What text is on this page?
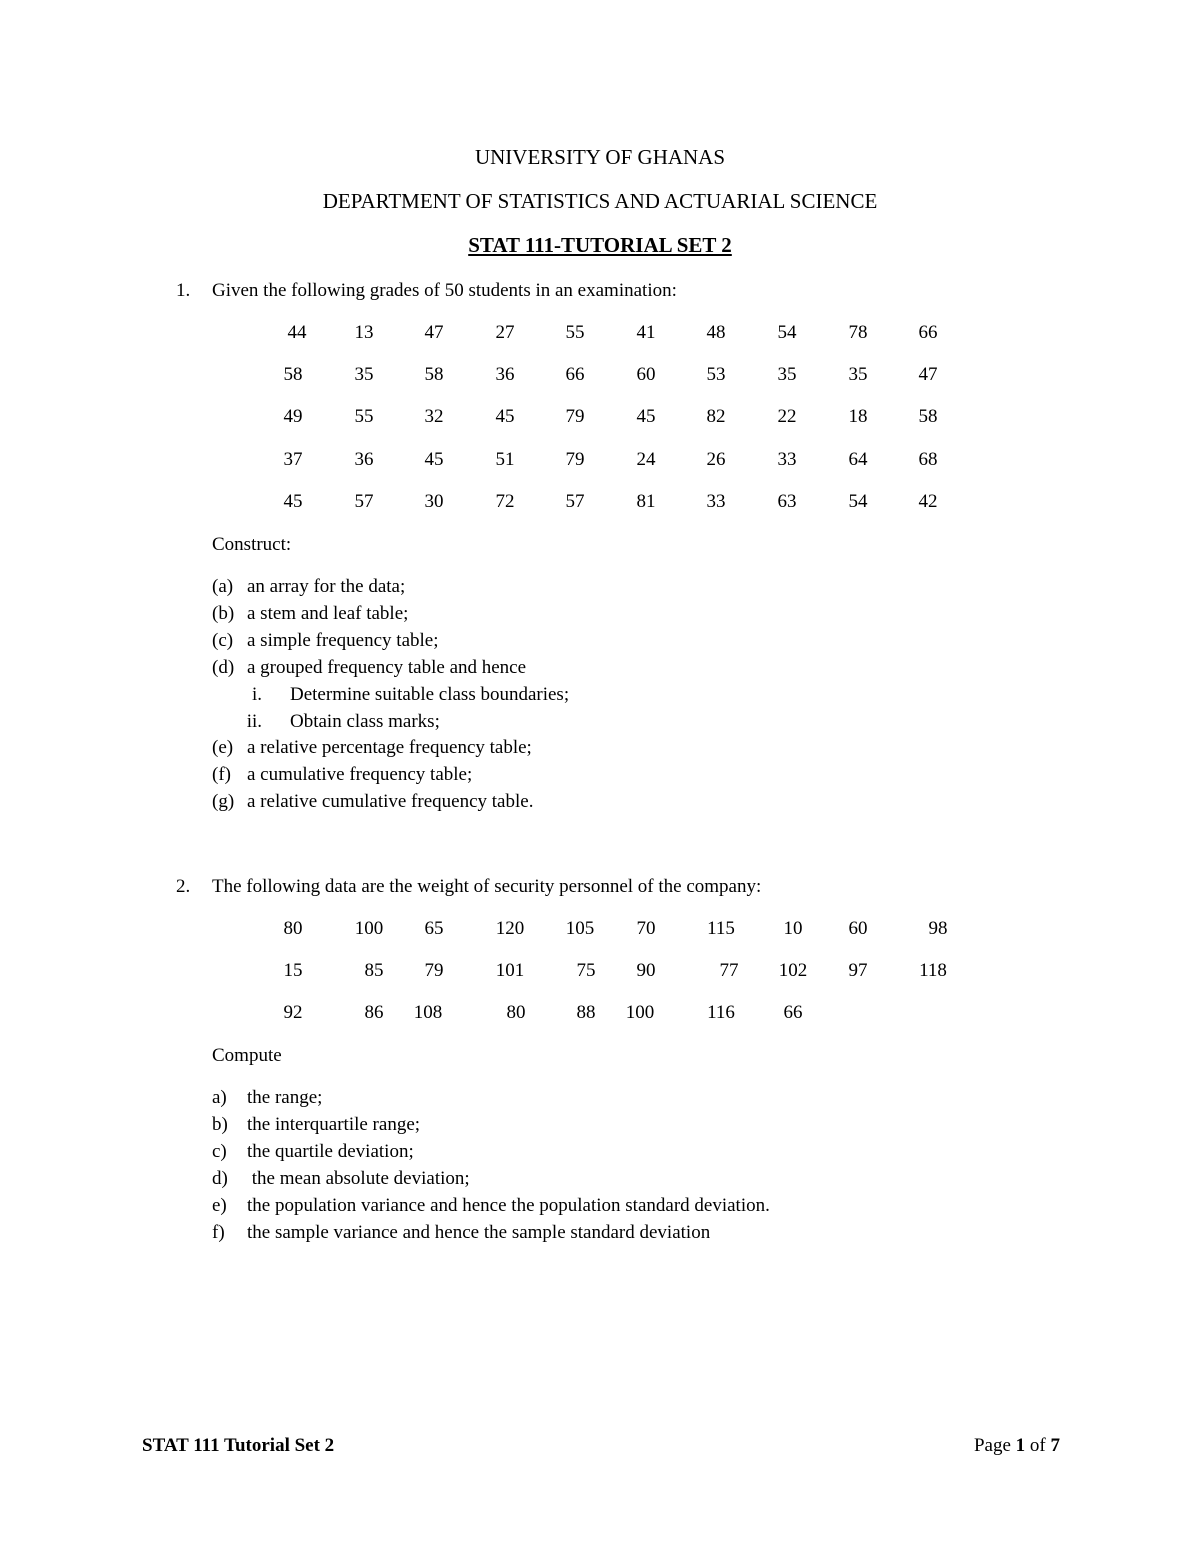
UNIVERSITY OF GHANAS
DEPARTMENT OF STATISTICS AND ACTUARIAL SCIENCE
STAT 111-TUTORIAL SET 2
1. Given the following grades of 50 students in an examination:
44	13	47	27	55	41	48	54	78	66
58	35	58	36	66	60	53	35	35	47
49	55	32	45	79	45	82	22	18	58
37	36	45	51	79	24	26	33	64	68
45	57	30	72	57	81	33	63	54	42
Construct:
(a) an array for the data;
(b) a stem and leaf table;
(c) a simple frequency table;
(d) a grouped frequency table and hence
i. Determine suitable class boundaries;
ii. Obtain class marks;
(e) a relative percentage frequency table;
(f) a cumulative frequency table;
(g) a relative cumulative frequency table.
2. The following data are the weight of security personnel of the company:
80	100	65	120	105	70	115	10	60	98
15	85	79	101	75	90	77	102	97	118
92	86	108	80	88	100	116	66
Compute
a) the range;
b) the interquartile range;
c) the quartile deviation;
d) the mean absolute deviation;
e) the population variance and hence the population standard deviation.
f) the sample variance and hence the sample standard deviation
STAT 111 Tutorial Set 2	Page 1 of 7
